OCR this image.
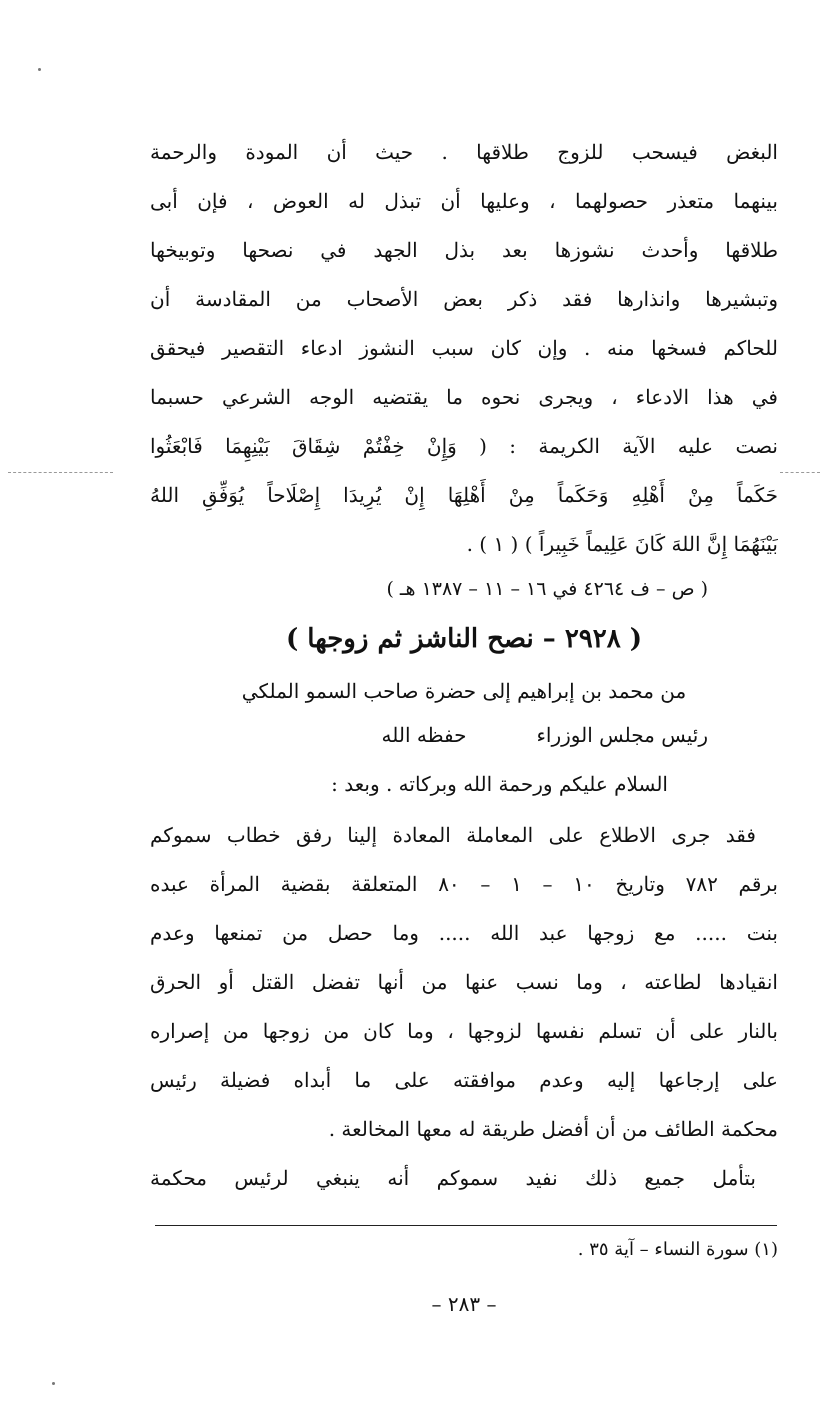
البغض فيسحب للزوج طلاقها . حيث أن المودة والرحمة
بينهما متعذر حصولهما ، وعليها أن تبذل له العوض ، فإن أبى
طلاقها وأحدث نشوزها بعد بذل الجهد في نصحها وتوبيخها
وتبشيرها وانذارها فقد ذكر بعض الأصحاب من المقادسة أن
للحاكم فسخها منه . وإن كان سبب النشوز ادعاء التقصير فيحقق
في هذا الادعاء ، ويجرى نحوه ما يقتضيه الوجه الشرعي حسبما
نصت عليه الآية الكريمة : ( وَإِنْ خِفْتُمْ شِقَاقَ بَيْنِهِمَا فَابْعَثُوا
حَكَماً مِنْ أَهْلِهِ وَحَكَماً مِنْ أَهْلِهَا إِنْ يُرِيدَا إِصْلَاحاً يُوَفِّقِ اللهُ
بَيْنَهُمَا إِنَّ اللهَ كَانَ عَلِيماً خَبِيراً ) ( ١ ) .
( ص – ف ٤٢٦٤ في ١٦ – ١١ – ١٣٨٧ هـ )
( ٢٩٢٨ – نصح الناشز ثم زوجها )
من محمد بن إبراهيم إلى حضرة صاحب السمو الملكي
رئيس مجلس الوزراءحفظه الله
السلام عليكم ورحمة الله وبركاته . وبعد :
فقد جرى الاطلاع على المعاملة المعادة إلينا رفق خطاب سموكم
برقم ٧٨٢ وتاريخ ١٠ – ١ – ٨٠ المتعلقة بقضية المرأة عبده
بنت ..... مع زوجها عبد الله ..... وما حصل من تمنعها وعدم
انقيادها لطاعته ، وما نسب عنها من أنها تفضل القتل أو الحرق
بالنار على أن تسلم نفسها لزوجها ، وما كان من زوجها من إصراره
على إرجاعها إليه وعدم موافقته على ما أبداه فضيلة رئيس
محكمة الطائف من أن أفضل طريقة له معها المخالعة .
بتأمل جميع ذلك نفيد سموكم أنه ينبغي لرئيس محكمة
(١) سورة النساء – آية ٣٥ .
– ٢٨٣ –
